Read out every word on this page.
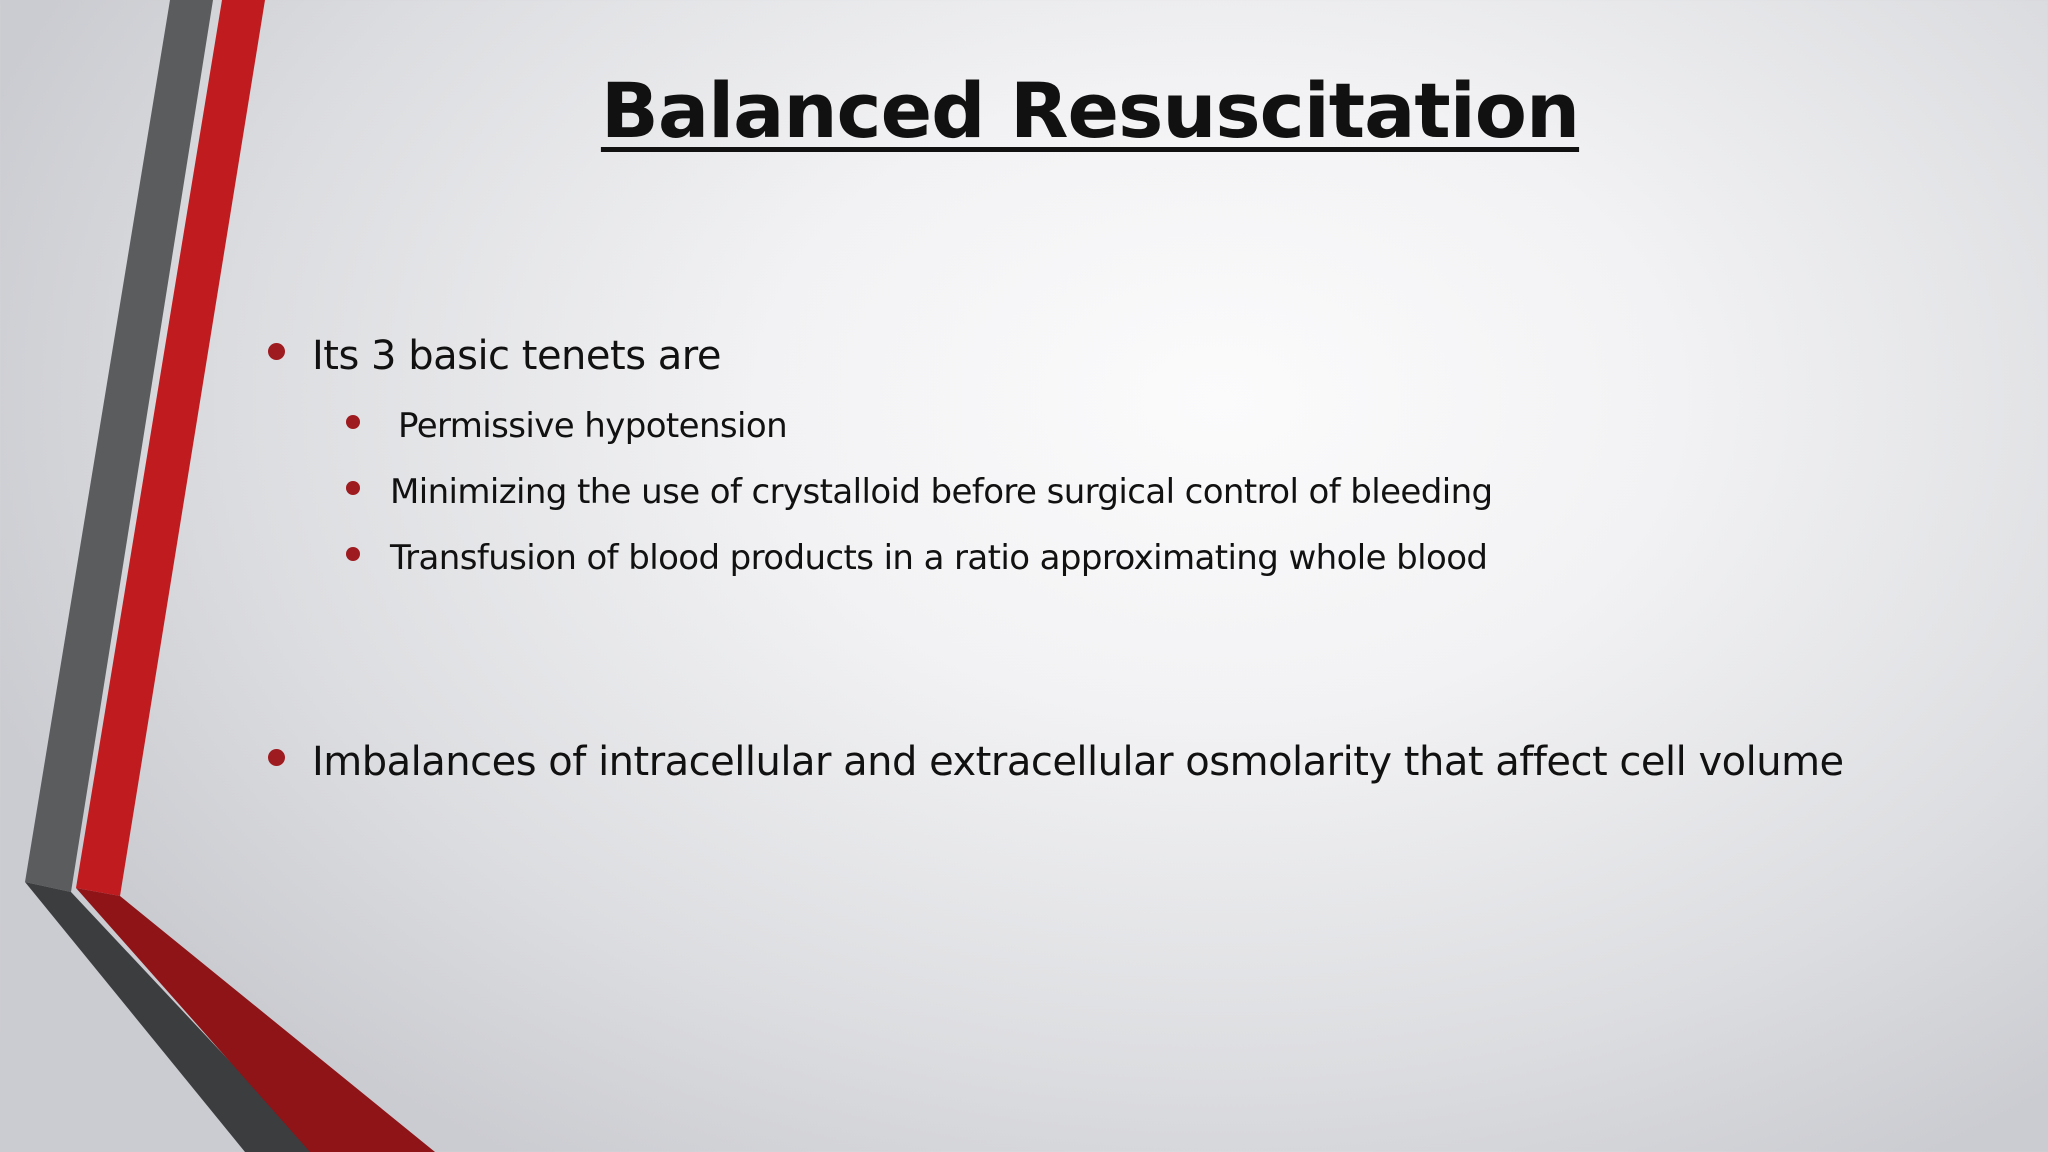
Balanced Resuscitation
Its 3 basic tenets are
Permissive hypotension
Minimizing the use of crystalloid before surgical control of bleeding
Transfusion of blood products in a ratio approximating whole blood
Imbalances of intracellular and extracellular osmolarity that affect cell volume
